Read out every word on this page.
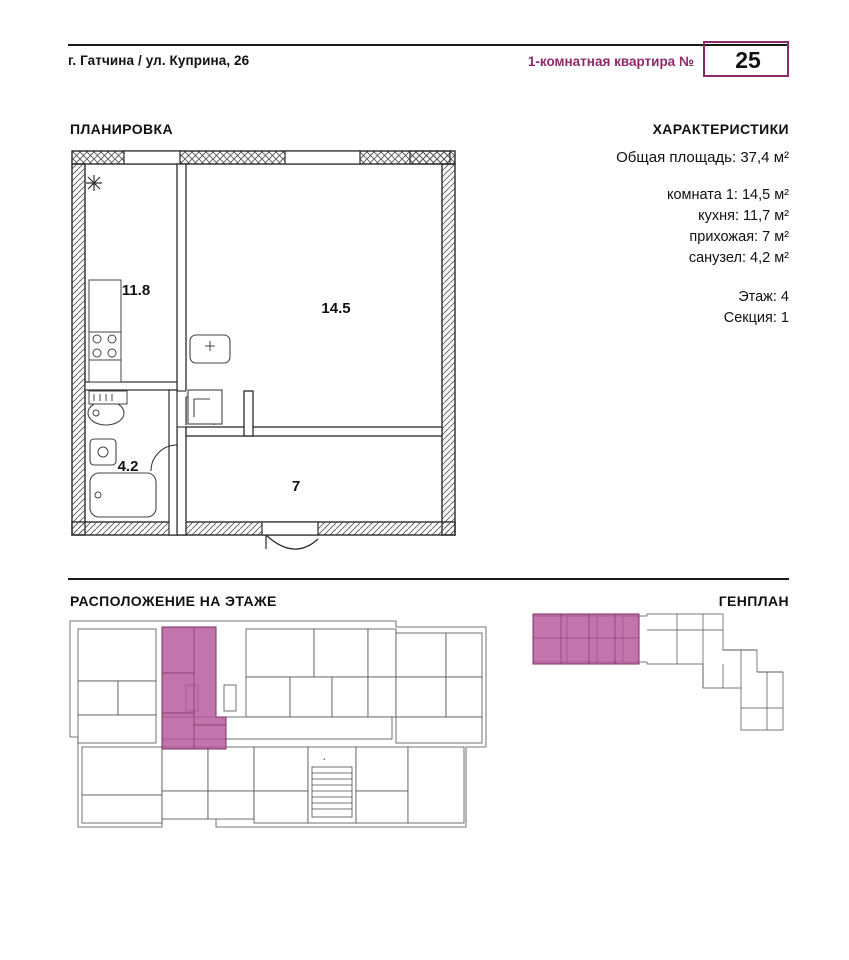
г. Гатчина / ул. Куприна, 26	1-комнатная квартира №	25
ПЛАНИРОВКА	ХАРАКТЕРИСТИКИ
РАСПОЛОЖЕНИЕ НА ЭТАЖЕ	ГЕНПЛАН
Общая площадь: 37,4 м²
комната 1: 14,5 м²
кухня: 11,7 м²
прихожая: 7 м²
санузел: 4,2 м²
Этаж: 4
Секция: 1
11.8
14.5
4.2
7
